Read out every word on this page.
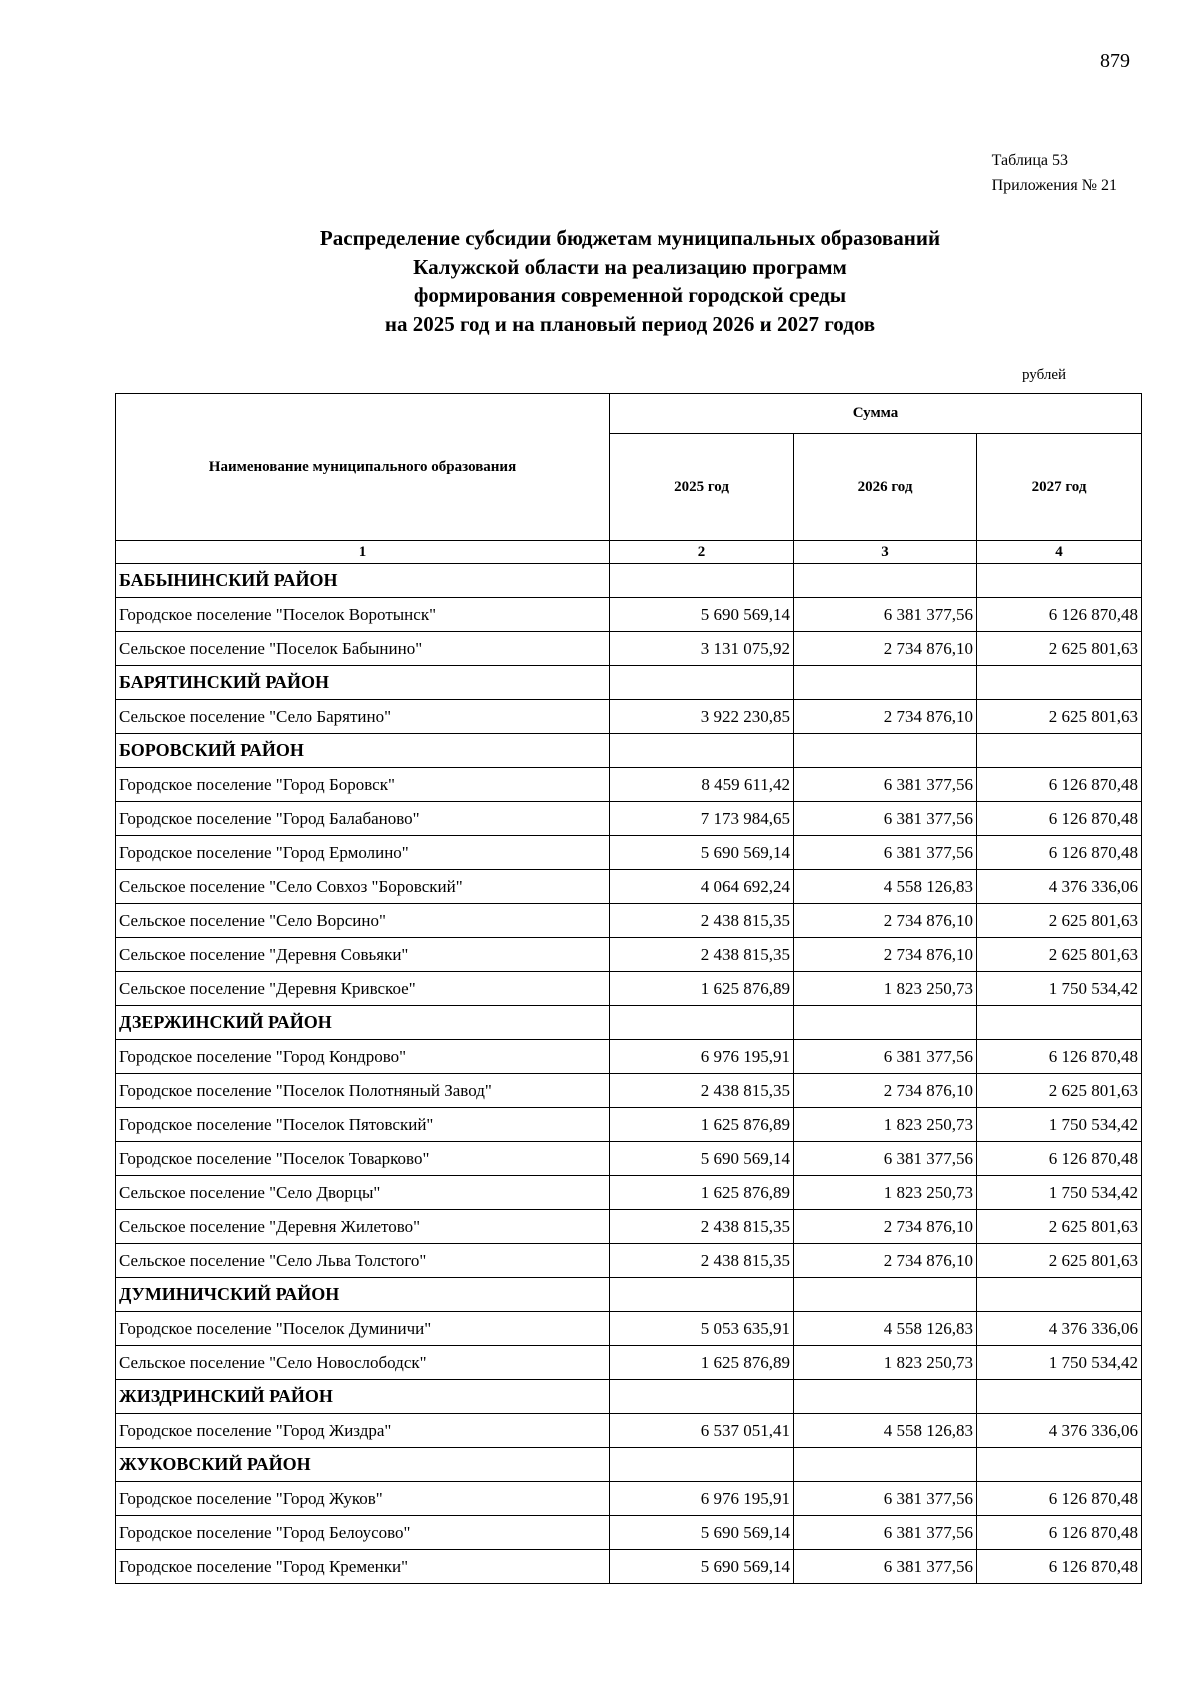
879
Таблица 53
Приложения № 21
Распределение субсидии бюджетам муниципальных образований
Калужской области на реализацию программ
формирования современной городской среды
на 2025 год и на плановый период 2026 и 2027 годов
рублей
Наименование муниципального образования	Сумма		
	2025 год	2026 год	2027 год
1	2	3	4
БАБЫНИНСКИЙ РАЙОН			
Городское поселение "Поселок Воротынск"	5 690 569,14	6 381 377,56	6 126 870,48
Сельское поселение "Поселок Бабынино"	3 131 075,92	2 734 876,10	2 625 801,63
БАРЯТИНСКИЙ РАЙОН			
Сельское поселение "Село Барятино"	3 922 230,85	2 734 876,10	2 625 801,63
БОРОВСКИЙ РАЙОН			
Городское поселение "Город Боровск"	8 459 611,42	6 381 377,56	6 126 870,48
Городское поселение "Город Балабаново"	7 173 984,65	6 381 377,56	6 126 870,48
Городское поселение "Город Ермолино"	5 690 569,14	6 381 377,56	6 126 870,48
Сельское поселение "Село Совхоз "Боровский"	4 064 692,24	4 558 126,83	4 376 336,06
Сельское поселение "Село Ворсино"	2 438 815,35	2 734 876,10	2 625 801,63
Сельское поселение "Деревня Совьяки"	2 438 815,35	2 734 876,10	2 625 801,63
Сельское поселение "Деревня Кривское"	1 625 876,89	1 823 250,73	1 750 534,42
ДЗЕРЖИНСКИЙ РАЙОН			
Городское поселение "Город Кондрово"	6 976 195,91	6 381 377,56	6 126 870,48
Городское поселение "Поселок Полотняный Завод"	2 438 815,35	2 734 876,10	2 625 801,63
Городское поселение "Поселок Пятовский"	1 625 876,89	1 823 250,73	1 750 534,42
Городское поселение "Поселок Товарково"	5 690 569,14	6 381 377,56	6 126 870,48
Сельское поселение "Село Дворцы"	1 625 876,89	1 823 250,73	1 750 534,42
Сельское поселение "Деревня Жилетово"	2 438 815,35	2 734 876,10	2 625 801,63
Сельское поселение "Село Льва Толстого"	2 438 815,35	2 734 876,10	2 625 801,63
ДУМИНИЧСКИЙ РАЙОН			
Городское поселение "Поселок Думиничи"	5 053 635,91	4 558 126,83	4 376 336,06
Сельское поселение "Село Новослободск"	1 625 876,89	1 823 250,73	1 750 534,42
ЖИЗДРИНСКИЙ РАЙОН			
Городское поселение "Город Жиздра"	6 537 051,41	4 558 126,83	4 376 336,06
ЖУКОВСКИЙ РАЙОН			
Городское поселение "Город Жуков"	6 976 195,91	6 381 377,56	6 126 870,48
Городское поселение "Город Белоусово"	5 690 569,14	6 381 377,56	6 126 870,48
Городское поселение "Город Кременки"	5 690 569,14	6 381 377,56	6 126 870,48
